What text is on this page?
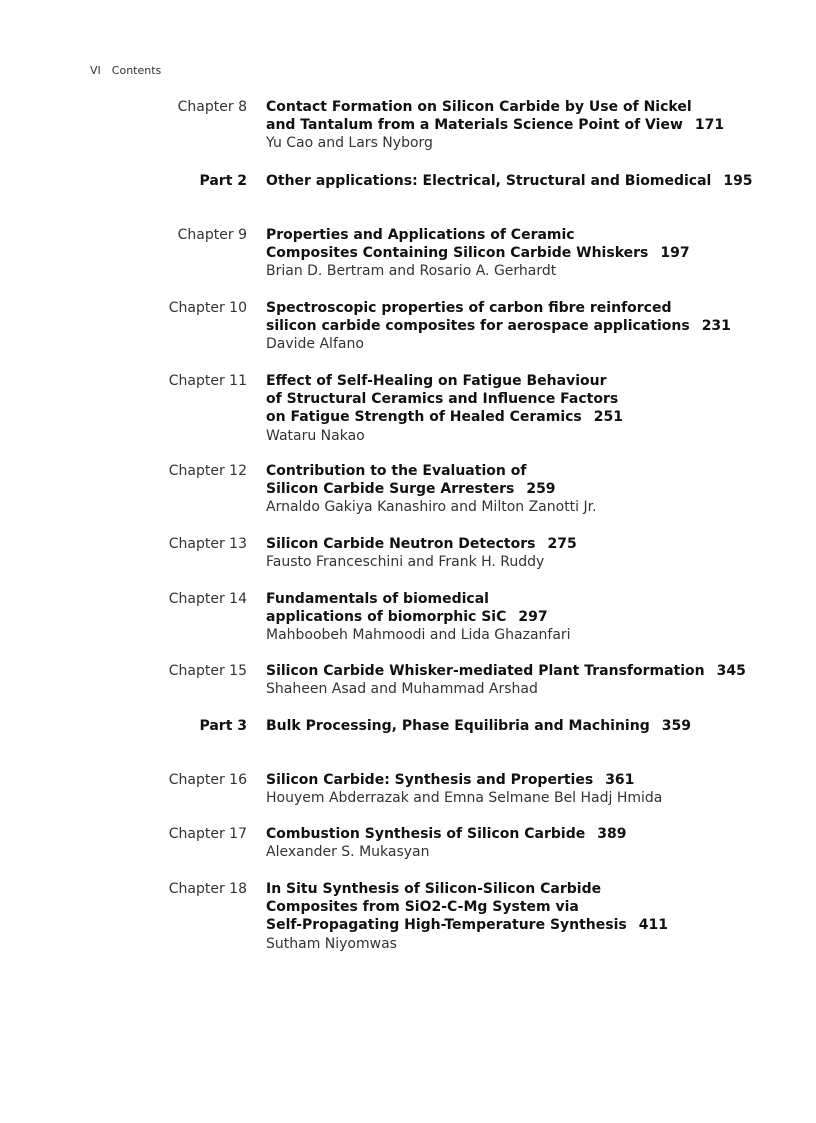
VI Contents
Chapter 8 Contact Formation on Silicon Carbide by Use of Nickel
and Tantalum from a Materials Science Point of View 171
Yu Cao and Lars Nyborg
Part 2 Other applications: Electrical, Structural and Biomedical 195
Chapter 9 Properties and Applications of Ceramic
Composites Containing Silicon Carbide Whiskers 197
Brian D. Bertram and Rosario A. Gerhardt
Chapter 10 Spectroscopic properties of carbon fibre reinforced
silicon carbide composites for aerospace applications 231
Davide Alfano
Chapter 11 Effect of Self-Healing on Fatigue Behaviour
of Structural Ceramics and Influence Factors
on Fatigue Strength of Healed Ceramics 251
Wataru Nakao
Chapter 12 Contribution to the Evaluation of
Silicon Carbide Surge Arresters 259
Arnaldo Gakiya Kanashiro and Milton Zanotti Jr.
Chapter 13 Silicon Carbide Neutron Detectors 275
Fausto Franceschini and Frank H. Ruddy
Chapter 14 Fundamentals of biomedical
applications of biomorphic SiC 297
Mahboobeh Mahmoodi and Lida Ghazanfari
Chapter 15 Silicon Carbide Whisker-mediated Plant Transformation 345
Shaheen Asad and Muhammad Arshad
Part 3 Bulk Processing, Phase Equilibria and Machining 359
Chapter 16 Silicon Carbide: Synthesis and Properties 361
Houyem Abderrazak and Emna Selmane Bel Hadj Hmida
Chapter 17 Combustion Synthesis of Silicon Carbide 389
Alexander S. Mukasyan
Chapter 18 In Situ Synthesis of Silicon-Silicon Carbide
Composites from SiO2-C-Mg System via
Self-Propagating High-Temperature Synthesis 411
Sutham Niyomwas
